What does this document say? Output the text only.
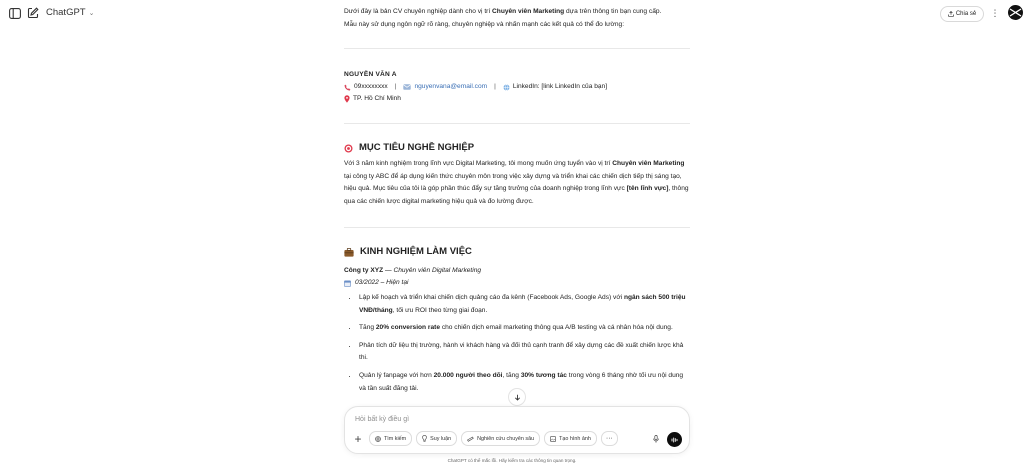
ChatGPT ⌄	Chia sẻ ⋮

Dưới đây là bản CV chuyên nghiệp dành cho vị trí Chuyên viên Marketing dựa trên thông tin bạn cung cấp.

Mẫu này sử dụng ngôn ngữ rõ ràng, chuyên nghiệp và nhấn mạnh các kết quả có thể đo lường:

NGUYỄN VĂN A
09xxxxxxxx |	nguyenvana@email.com |	LinkedIn: [link LinkedIn của bạn]
TP. Hồ Chí Minh
MỤC TIÊU NGHỀ NGHIỆP
Với 3 năm kinh nghiệm trong lĩnh vực Digital Marketing, tôi mong muốn ứng tuyển vào vị trí Chuyên viên Marketing tại công ty ABC để áp dụng kiến thức chuyên môn trong việc xây dựng và triển khai các chiến dịch tiếp thị sáng tạo, hiệu quả. Mục tiêu của tôi là góp phần thúc đẩy sự tăng trưởng của doanh nghiệp trong lĩnh vực [tên lĩnh vực], thông qua các chiến lược digital marketing hiệu quả và đo lường được.
KINH NGHIỆM LÀM VIỆC
Công ty XYZ — Chuyên viên Digital Marketing
03/2022 – Hiện tại
• Lập kế hoạch và triển khai chiến dịch quảng cáo đa kênh (Facebook Ads, Google Ads) với ngân sách 500 triệu VNĐ/tháng, tối ưu ROI theo từng giai đoạn.
• Tăng 20% conversion rate cho chiến dịch email marketing thông qua A/B testing và cá nhân hóa nội dung.
• Phân tích dữ liệu thị trường, hành vi khách hàng và đối thủ cạnh tranh để xây dựng các đề xuất chiến lược khả thi.
• Quản lý fanpage với hơn 20.000 người theo dõi, tăng 30% tương tác trong vòng 6 tháng nhờ tối ưu nội dung và tần suất đăng tải.
Hỏi bất kỳ điều gì
+	Tìm kiếm	Suy luận	Nghiên cứu chuyên sâu	Tạo hình ảnh ···
ChatGPT có thể mắc lỗi. Hãy kiểm tra các thông tin quan trọng.
